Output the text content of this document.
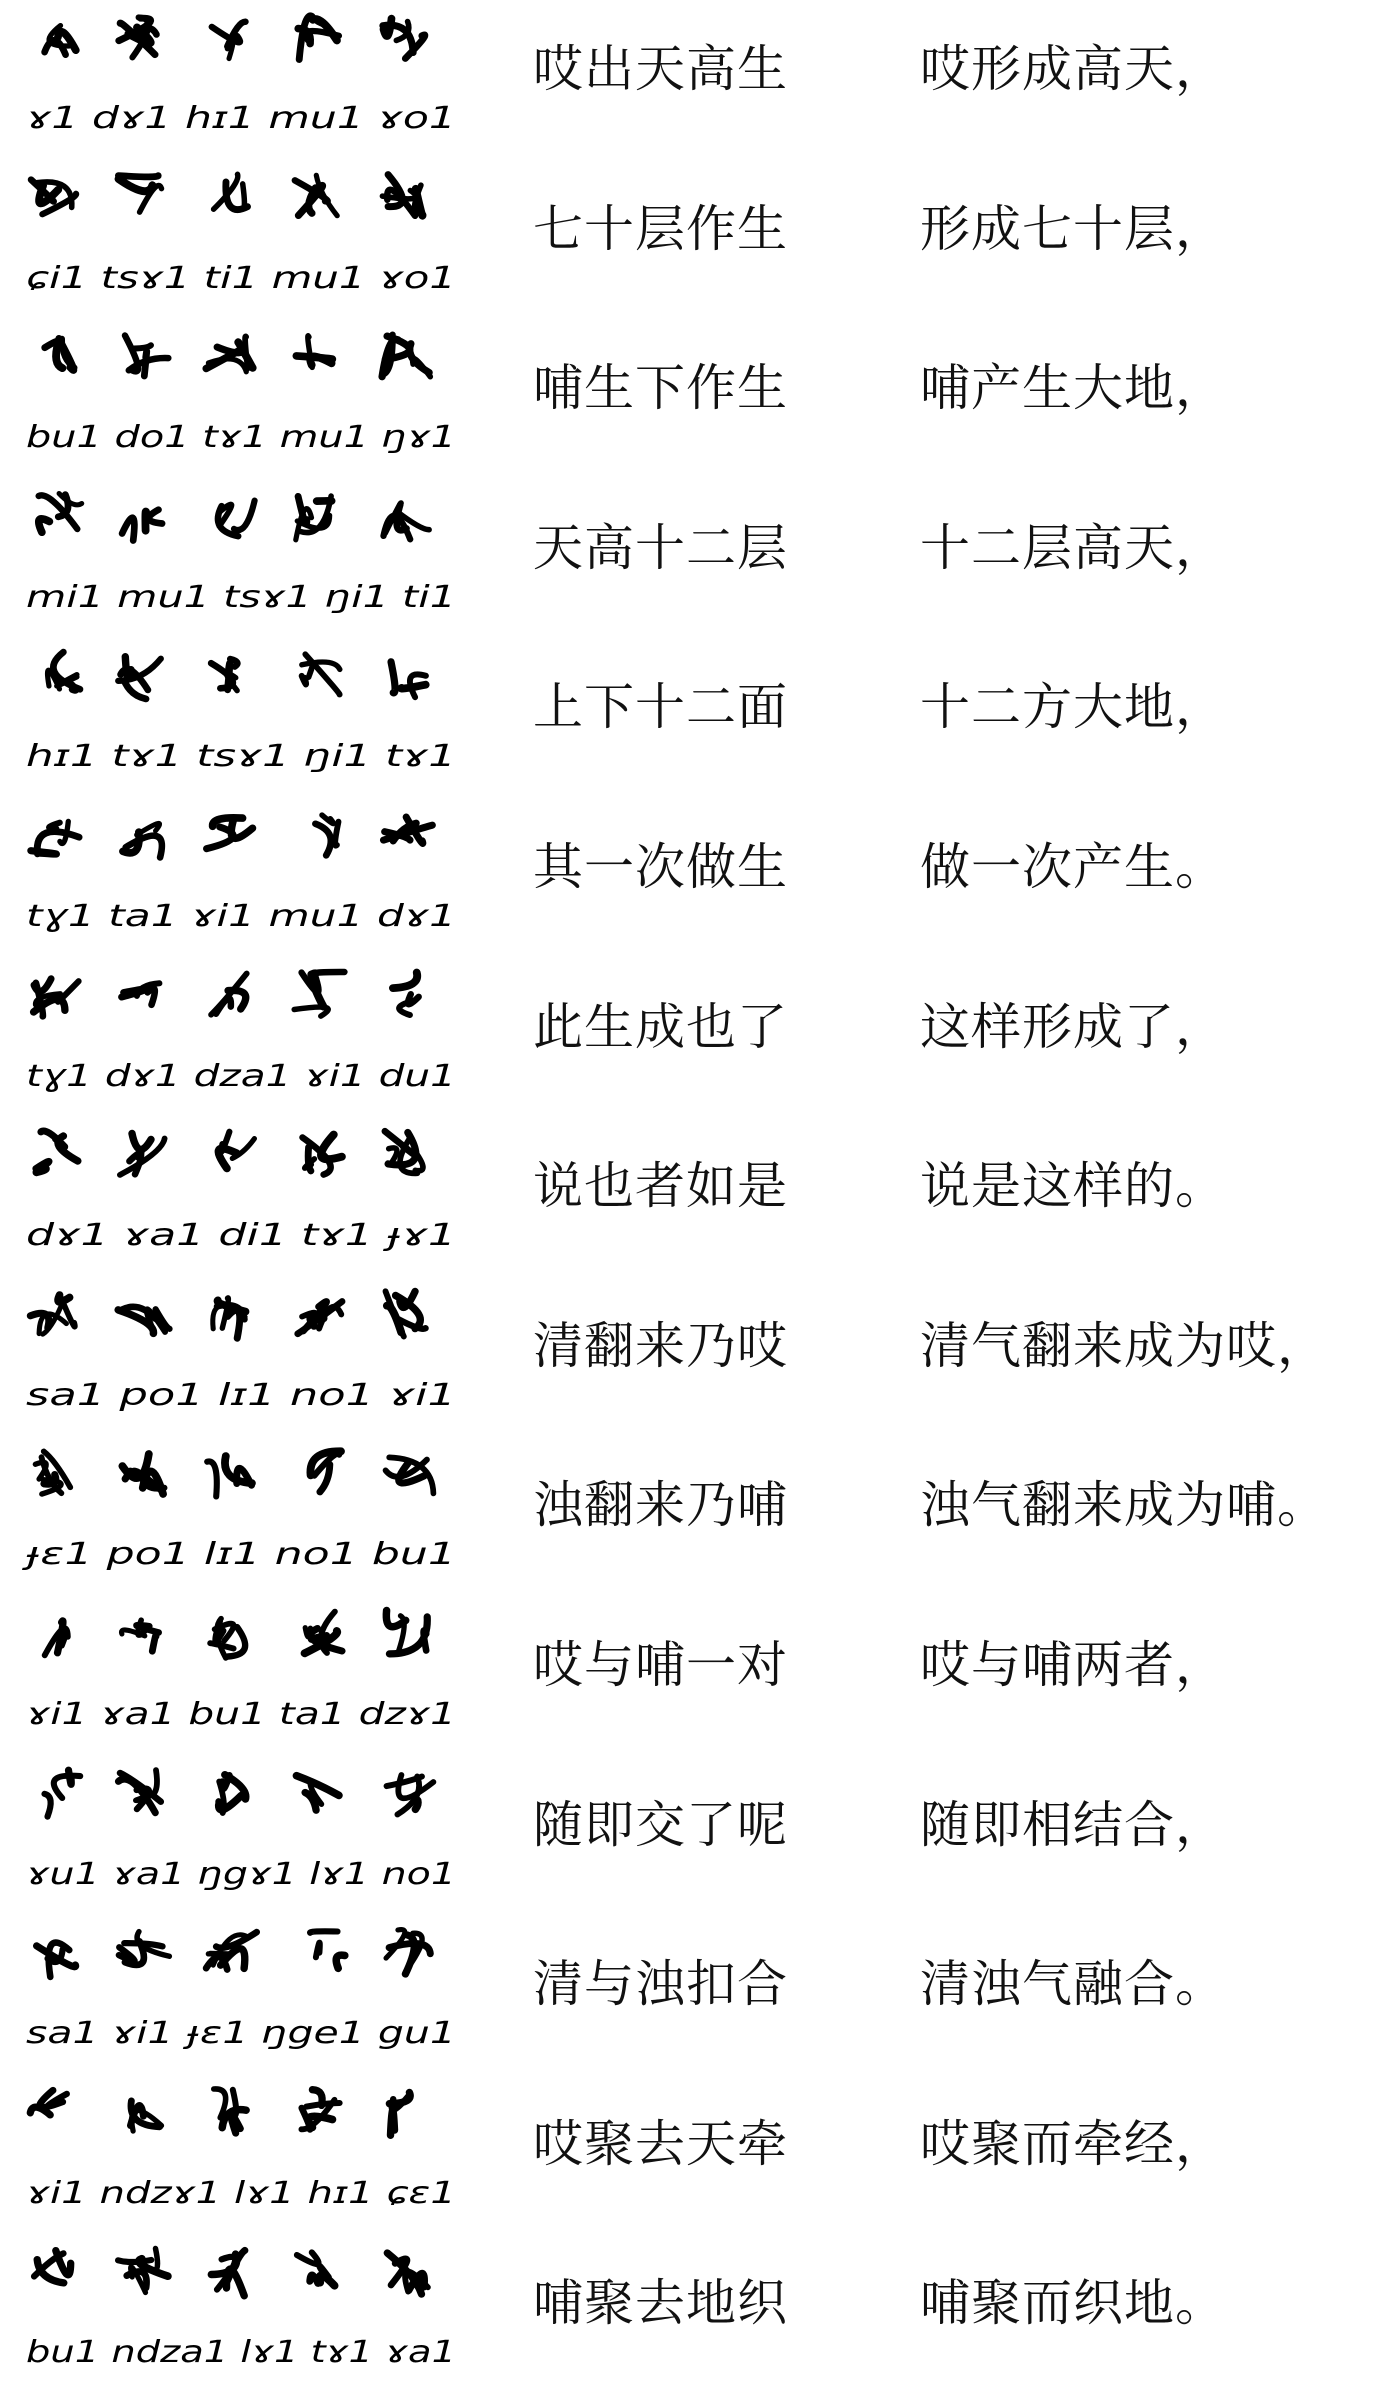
ɤ1 dɤ1 hɪ1 mu1 ɤo1
哎出天高生	哎形成高天，
ɕi1 tsɤ1 ti1 mu1 ɤo1
七十层作生	形成七十层，
bu1 do1 tɤ1 mu1 ŋɤ1
哺生下作生	哺产生大地，
mi1 mu1 tsɤ1 ŋi1 ti1
天高十二层	十二层高天，
hɪ1 tɤ1 tsɤ1 ŋi1 tɤ1
上下十二面	十二方大地，
tɣ1 ta1 ɤi1 mu1 dɤ1
其一次做生	做一次产生。
tɣ1 dɤ1 dza1 ɤi1 du1
此生成也了	这样形成了，
dɤ1 ɤa1 di1 tɤ1 ɟɤ1
说也者如是	说是这样的。
sa1 po1 lɪ1 no1 ɤi1
清翻来乃哎	清气翻来成为哎，
ɟɛ1 po1 lɪ1 no1 bu1
浊翻来乃哺	浊气翻来成为哺。
ɤi1 ɤa1 bu1 ta1 dzɤ1
哎与哺一对	哎与哺两者，
ɤu1 ɤa1 ŋgɤ1 lɤ1 no1
随即交了呢	随即相结合，
sa1 ɤi1 ɟɛ1 ŋge1 gu1
清与浊扣合	清浊气融合。
ɤi1 ndzɤ1 lɤ1 hɪ1 ɕɛ1
哎聚去天牵	哎聚而牵经，
bu1 ndza1 lɤ1 tɤ1 ɤa1
哺聚去地织	哺聚而织地。
